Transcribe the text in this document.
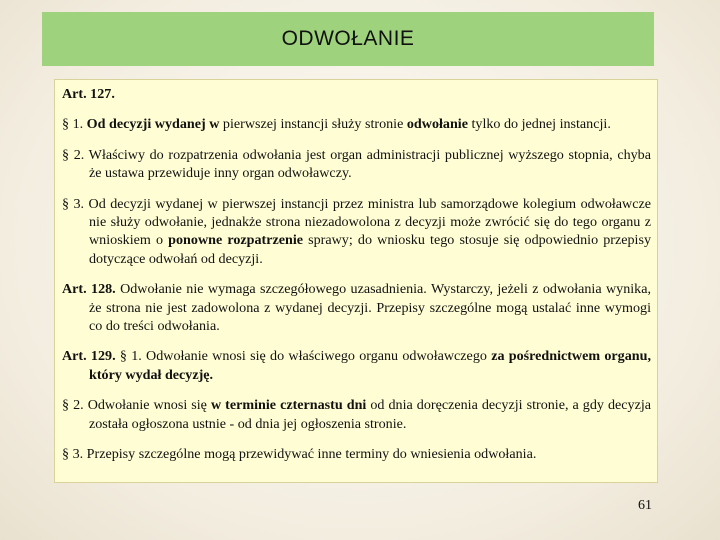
ODWOŁANIE

Art. 127.

§ 1. Od decyzji wydanej w pierwszej instancji służy stronie odwołanie tylko do jednej instancji.

§ 2. Właściwy do rozpatrzenia odwołania jest organ administracji publicznej wyższego stopnia, chyba że ustawa przewiduje inny organ odwoławczy.

§ 3. Od decyzji wydanej w pierwszej instancji przez ministra lub samorządowe kolegium odwoławcze nie służy odwołanie, jednakże strona niezadowolona z decyzji może zwrócić się do tego organu z wnioskiem o ponowne rozpatrzenie sprawy; do wniosku tego stosuje się odpowiednio przepisy dotyczące odwołań od decyzji.

Art. 128. Odwołanie nie wymaga szczegółowego uzasadnienia. Wystarczy, jeżeli z odwołania wynika, że strona nie jest zadowolona z wydanej decyzji. Przepisy szczególne mogą ustalać inne wymogi co do treści odwołania.

Art. 129. § 1. Odwołanie wnosi się do właściwego organu odwoławczego za pośrednictwem organu, który wydał decyzję.

§ 2. Odwołanie wnosi się w terminie czternastu dni od dnia doręczenia decyzji stronie, a gdy decyzja została ogłoszona ustnie - od dnia jej ogłoszenia stronie.

§ 3. Przepisy szczególne mogą przewidywać inne terminy do wniesienia odwołania.

61
